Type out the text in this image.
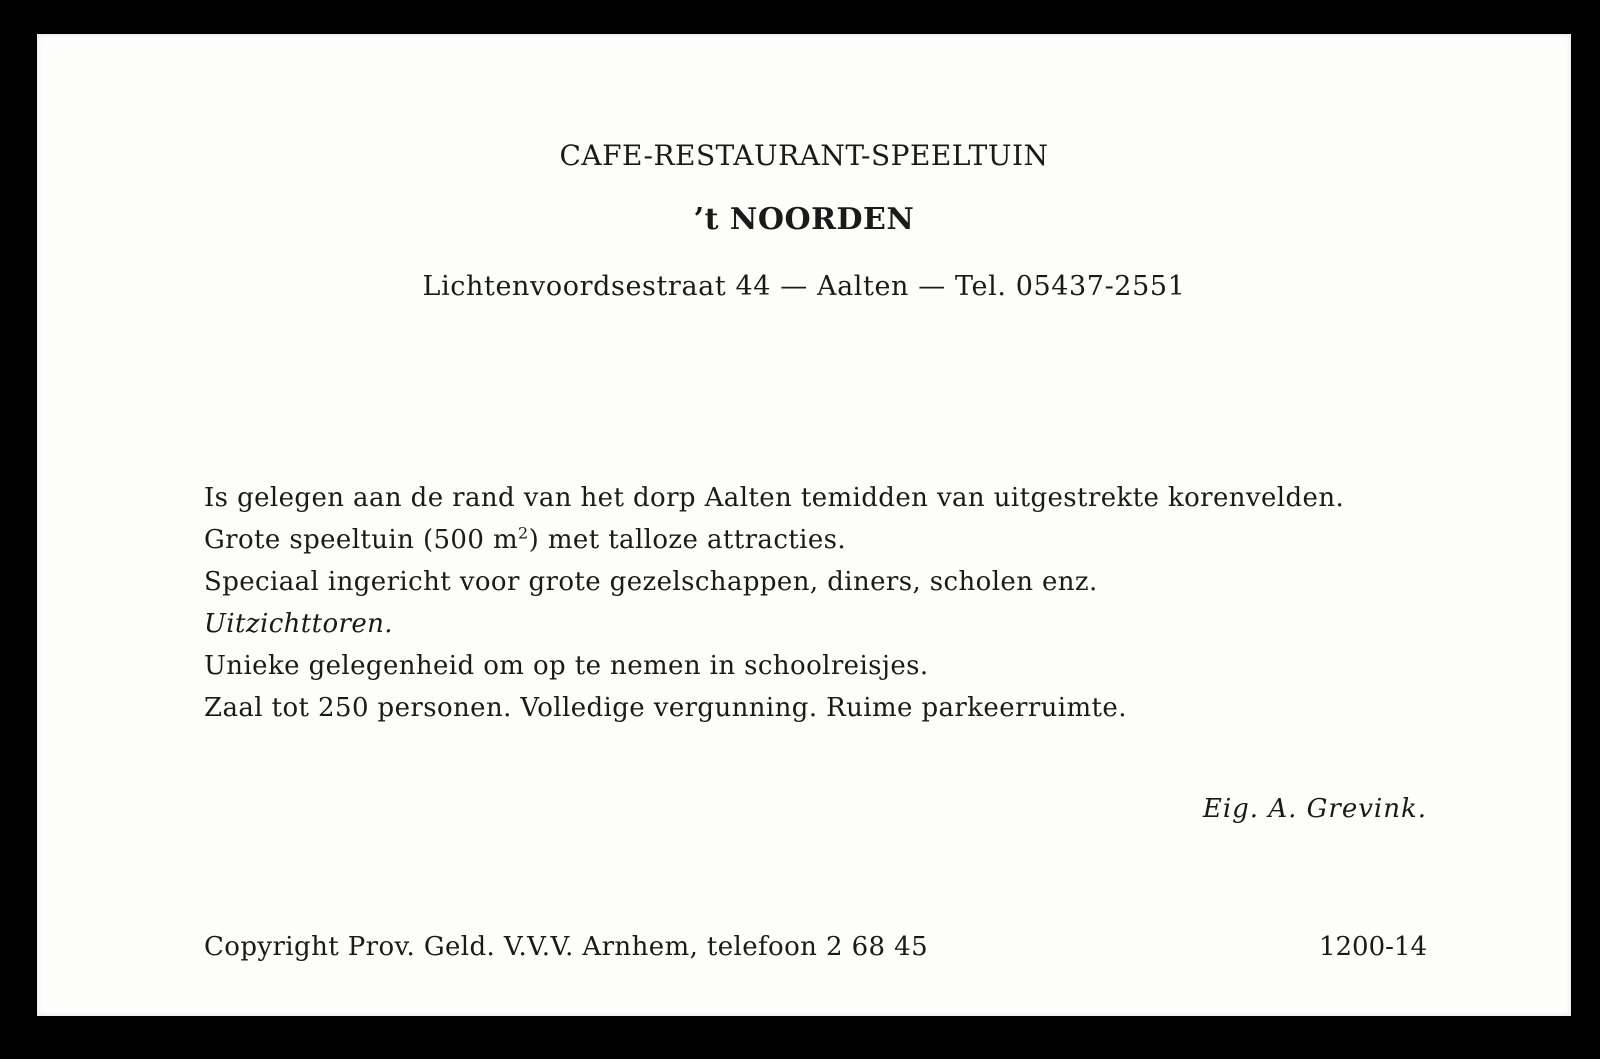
CAFE-RESTAURANT-SPEELTUIN
’t NOORDEN
Lichtenvoordsestraat 44 — Aalten — Tel. 05437-2551
Is gelegen aan de rand van het dorp Aalten temidden van uitgestrekte korenvelden.
Grote speeltuin (500 $m^2$) met talloze attracties.
Speciaal ingericht voor grote gezelschappen, diners, scholen enz.
Uitzichttoren.
Unieke gelegenheid om op te nemen in schoolreisjes.
Zaal tot 250 personen. Volledige vergunning. Ruime parkeerruimte.
Eig. A. Grevink.
Copyright Prov. Geld. V.V.V. Arnhem, telefoon 2 68 45	1200-14
